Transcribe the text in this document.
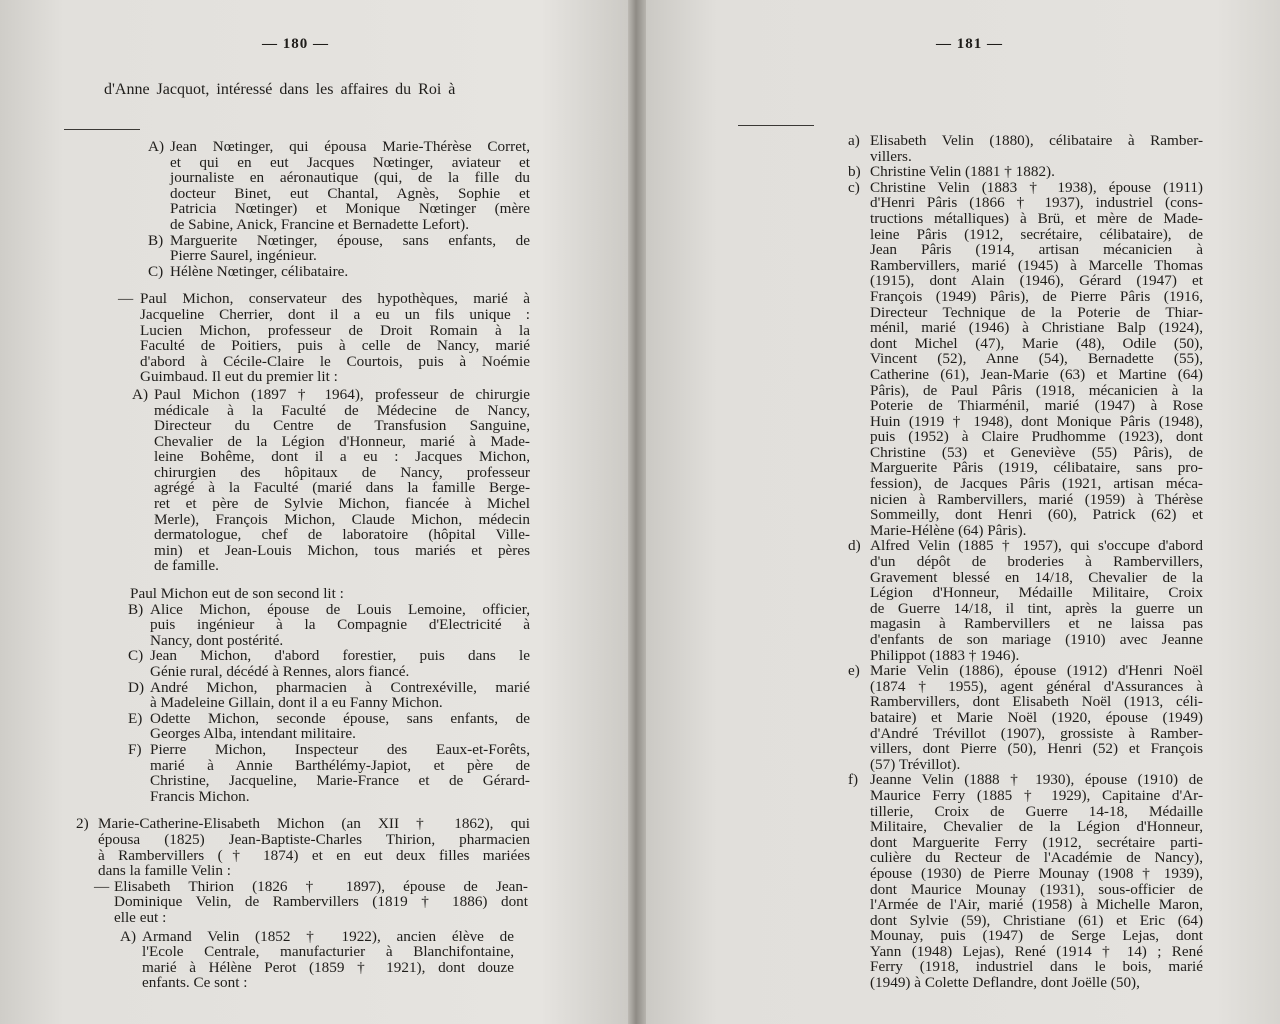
— 180 —
d'Anne Jacquot, intéressé dans les affaires du Roi à
A) Jean Nœtinger, qui épousa Marie-Thérèse Corret,
et qui en eut Jacques Nœtinger, aviateur et
journaliste en aéronautique (qui, de la fille du
docteur Binet, eut Chantal, Agnès, Sophie et
Patricia Nœtinger) et Monique Nœtinger (mère
de Sabine, Anick, Francine et Bernadette Lefort).
B) Marguerite Nœtinger, épouse, sans enfants, de
Pierre Saurel, ingénieur.
C) Hélène Nœtinger, célibataire.
— Paul Michon, conservateur des hypothèques, marié à
Jacqueline Cherrier, dont il a eu un fils unique :
Lucien Michon, professeur de Droit Romain à la
Faculté de Poitiers, puis à celle de Nancy, marié
d'abord à Cécile-Claire le Courtois, puis à Noémie
Guimbaud. Il eut du premier lit :
A) Paul Michon (1897 † 1964), professeur de chirurgie
médicale à la Faculté de Médecine de Nancy,
Directeur du Centre de Transfusion Sanguine,
Chevalier de la Légion d'Honneur, marié à Made-
leine Bohême, dont il a eu : Jacques Michon,
chirurgien des hôpitaux de Nancy, professeur
agrégé à la Faculté (marié dans la famille Berge-
ret et père de Sylvie Michon, fiancée à Michel
Merle), François Michon, Claude Michon, médecin
dermatologue, chef de laboratoire (hôpital Ville-
min) et Jean-Louis Michon, tous mariés et pères
de famille.
Paul Michon eut de son second lit :
B) Alice Michon, épouse de Louis Lemoine, officier,
puis ingénieur à la Compagnie d'Electricité à
Nancy, dont postérité.
C) Jean Michon, d'abord forestier, puis dans le
Génie rural, décédé à Rennes, alors fiancé.
D) André Michon, pharmacien à Contrexéville, marié
à Madeleine Gillain, dont il a eu Fanny Michon.
E) Odette Michon, seconde épouse, sans enfants, de
Georges Alba, intendant militaire.
F) Pierre Michon, Inspecteur des Eaux-et-Forêts,
marié à Annie Barthélémy-Japiot, et père de
Christine, Jacqueline, Marie-France et de Gérard-
Francis Michon.
2) Marie-Catherine-Elisabeth Michon (an XII † 1862), qui
épousa (1825) Jean-Baptiste-Charles Thirion, pharmacien
à Rambervillers († 1874) et en eut deux filles mariées
dans la famille Velin :
— Elisabeth Thirion (1826 † 1897), épouse de Jean-
Dominique Velin, de Rambervillers (1819 † 1886) dont
elle eut :
A) Armand Velin (1852 † 1922), ancien élève de
l'Ecole Centrale, manufacturier à Blanchifontaine,
marié à Hélène Perot (1859 † 1921), dont douze
enfants. Ce sont :
— 181 —
a) Elisabeth Velin (1880), célibataire à Ramber-
villers.
b) Christine Velin (1881 † 1882).
c) Christine Velin (1883 † 1938), épouse (1911)
d'Henri Pâris (1866 † 1937), industriel (cons-
tructions métalliques) à Brü, et mère de Made-
leine Pâris (1912, secrétaire, célibataire), de
Jean Pâris (1914, artisan mécanicien à
Rambervillers, marié (1945) à Marcelle Thomas
(1915), dont Alain (1946), Gérard (1947) et
François (1949) Pâris), de Pierre Pâris (1916,
Directeur Technique de la Poterie de Thiar-
ménil, marié (1946) à Christiane Balp (1924),
dont Michel (47), Marie (48), Odile (50),
Vincent (52), Anne (54), Bernadette (55),
Catherine (61), Jean-Marie (63) et Martine (64)
Pâris), de Paul Pâris (1918, mécanicien à la
Poterie de Thiarménil, marié (1947) à Rose
Huin (1919 † 1948), dont Monique Pâris (1948),
puis (1952) à Claire Prudhomme (1923), dont
Christine (53) et Geneviève (55) Pâris), de
Marguerite Pâris (1919, célibataire, sans pro-
fession), de Jacques Pâris (1921, artisan méca-
nicien à Rambervillers, marié (1959) à Thérèse
Sommeilly, dont Henri (60), Patrick (62) et
Marie-Hélène (64) Pâris).
d) Alfred Velin (1885 † 1957), qui s'occupe d'abord
d'un dépôt de broderies à Rambervillers,
Gravement blessé en 14/18, Chevalier de la
Légion d'Honneur, Médaille Militaire, Croix
de Guerre 14/18, il tint, après la guerre un
magasin à Rambervillers et ne laissa pas
d'enfants de son mariage (1910) avec Jeanne
Philippot (1883 † 1946).
e) Marie Velin (1886), épouse (1912) d'Henri Noël
(1874 † 1955), agent général d'Assurances à
Rambervillers, dont Elisabeth Noël (1913, céli-
bataire) et Marie Noël (1920, épouse (1949)
d'André Trévillot (1907), grossiste à Ramber-
villers, dont Pierre (50), Henri (52) et François
(57) Trévillot).
f) Jeanne Velin (1888 † 1930), épouse (1910) de
Maurice Ferry (1885 † 1929), Capitaine d'Ar-
tillerie, Croix de Guerre 14-18, Médaille
Militaire, Chevalier de la Légion d'Honneur,
dont Marguerite Ferry (1912, secrétaire parti-
culière du Recteur de l'Académie de Nancy),
épouse (1930) de Pierre Mounay (1908 † 1939),
dont Maurice Mounay (1931), sous-officier de
l'Armée de l'Air, marié (1958) à Michelle Maron,
dont Sylvie (59), Christiane (61) et Eric (64)
Mounay, puis (1947) de Serge Lejas, dont
Yann (1948) Lejas), René (1914 † 14) ; René
Ferry (1918, industriel dans le bois, marié
(1949) à Colette Deflandre, dont Joëlle (50),
